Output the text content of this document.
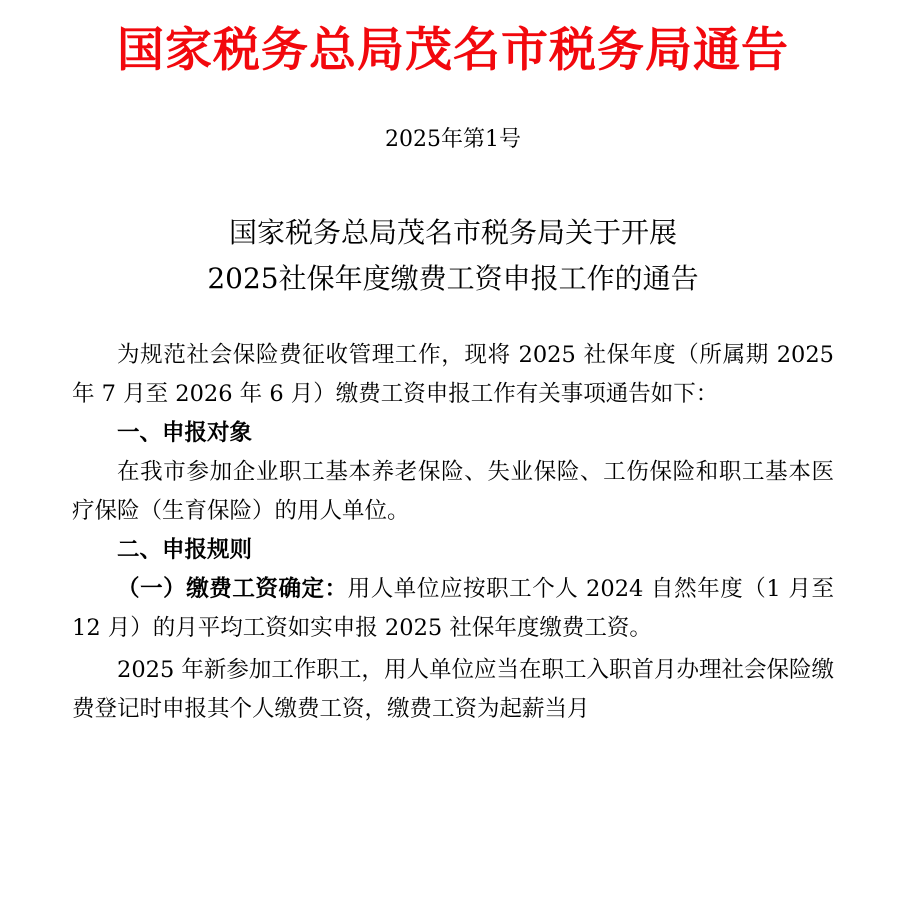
国家税务总局茂名市税务局通告

2025年第1号

国家税务总局茂名市税务局关于开展
2025社保年度缴费工资申报工作的通告

为规范社会保险费征收管理工作，现将 2025 社保年度（所属期 2025 年 7 月至 2026 年 6 月）缴费工资申报工作有关事项通告如下：

一、申报对象

在我市参加企业职工基本养老保险、失业保险、工伤保险和职工基本医疗保险（生育保险）的用人单位。

二、申报规则

（一）缴费工资确定：用人单位应按职工个人 2024 自然年度（1 月至 12 月）的月平均工资如实申报 2025 社保年度缴费工资。

2025 年新参加工作职工，用人单位应当在职工入职首月办理社会保险缴费登记时申报其个人缴费工资，缴费工资为起薪当月
